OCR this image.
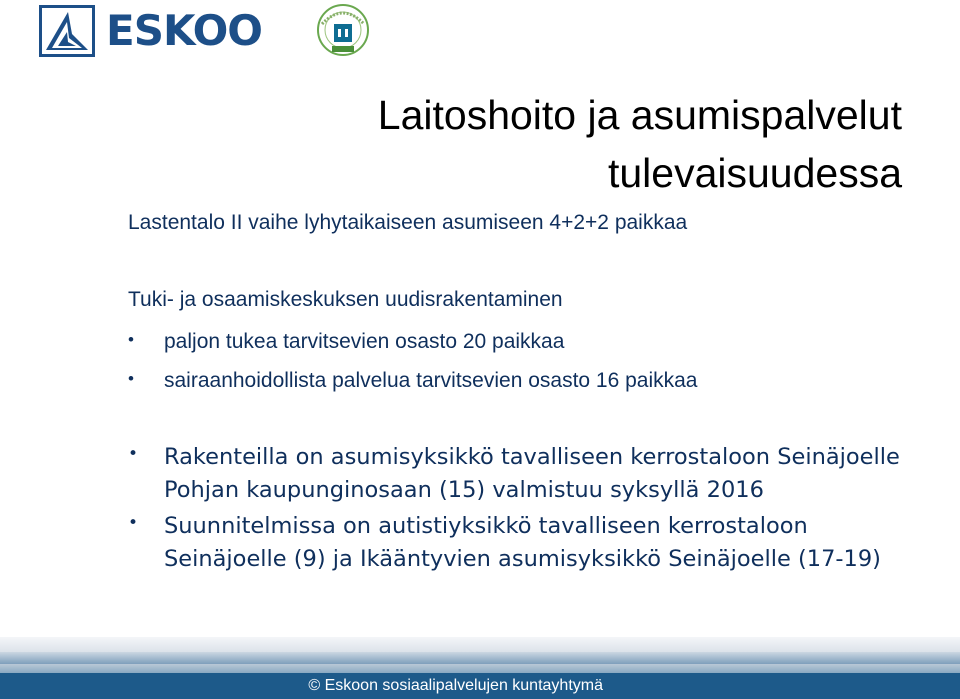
ESKOO
Laitoshoito ja asumispalvelut
tulevaisuudessa
Lastentalo II vaihe lyhytaikaiseen asumiseen 4+2+2 paikkaa
Tuki- ja osaamiskeskuksen uudisrakentaminen
• paljon tukea tarvitsevien osasto 20 paikkaa
• sairaanhoidollista palvelua tarvitsevien osasto 16 paikkaa
• Rakenteilla on asumisyksikkö tavalliseen kerrostaloon Seinäjoelle
Pohjan kaupunginosaan (15) valmistuu syksyllä 2016
• Suunnitelmissa on autistiyksikkö tavalliseen kerrostaloon
Seinäjoelle (9) ja Ikääntyvien asumisyksikkö Seinäjoelle (17-19)
© Eskoon sosiaalipalvelujen kuntayhtymä
